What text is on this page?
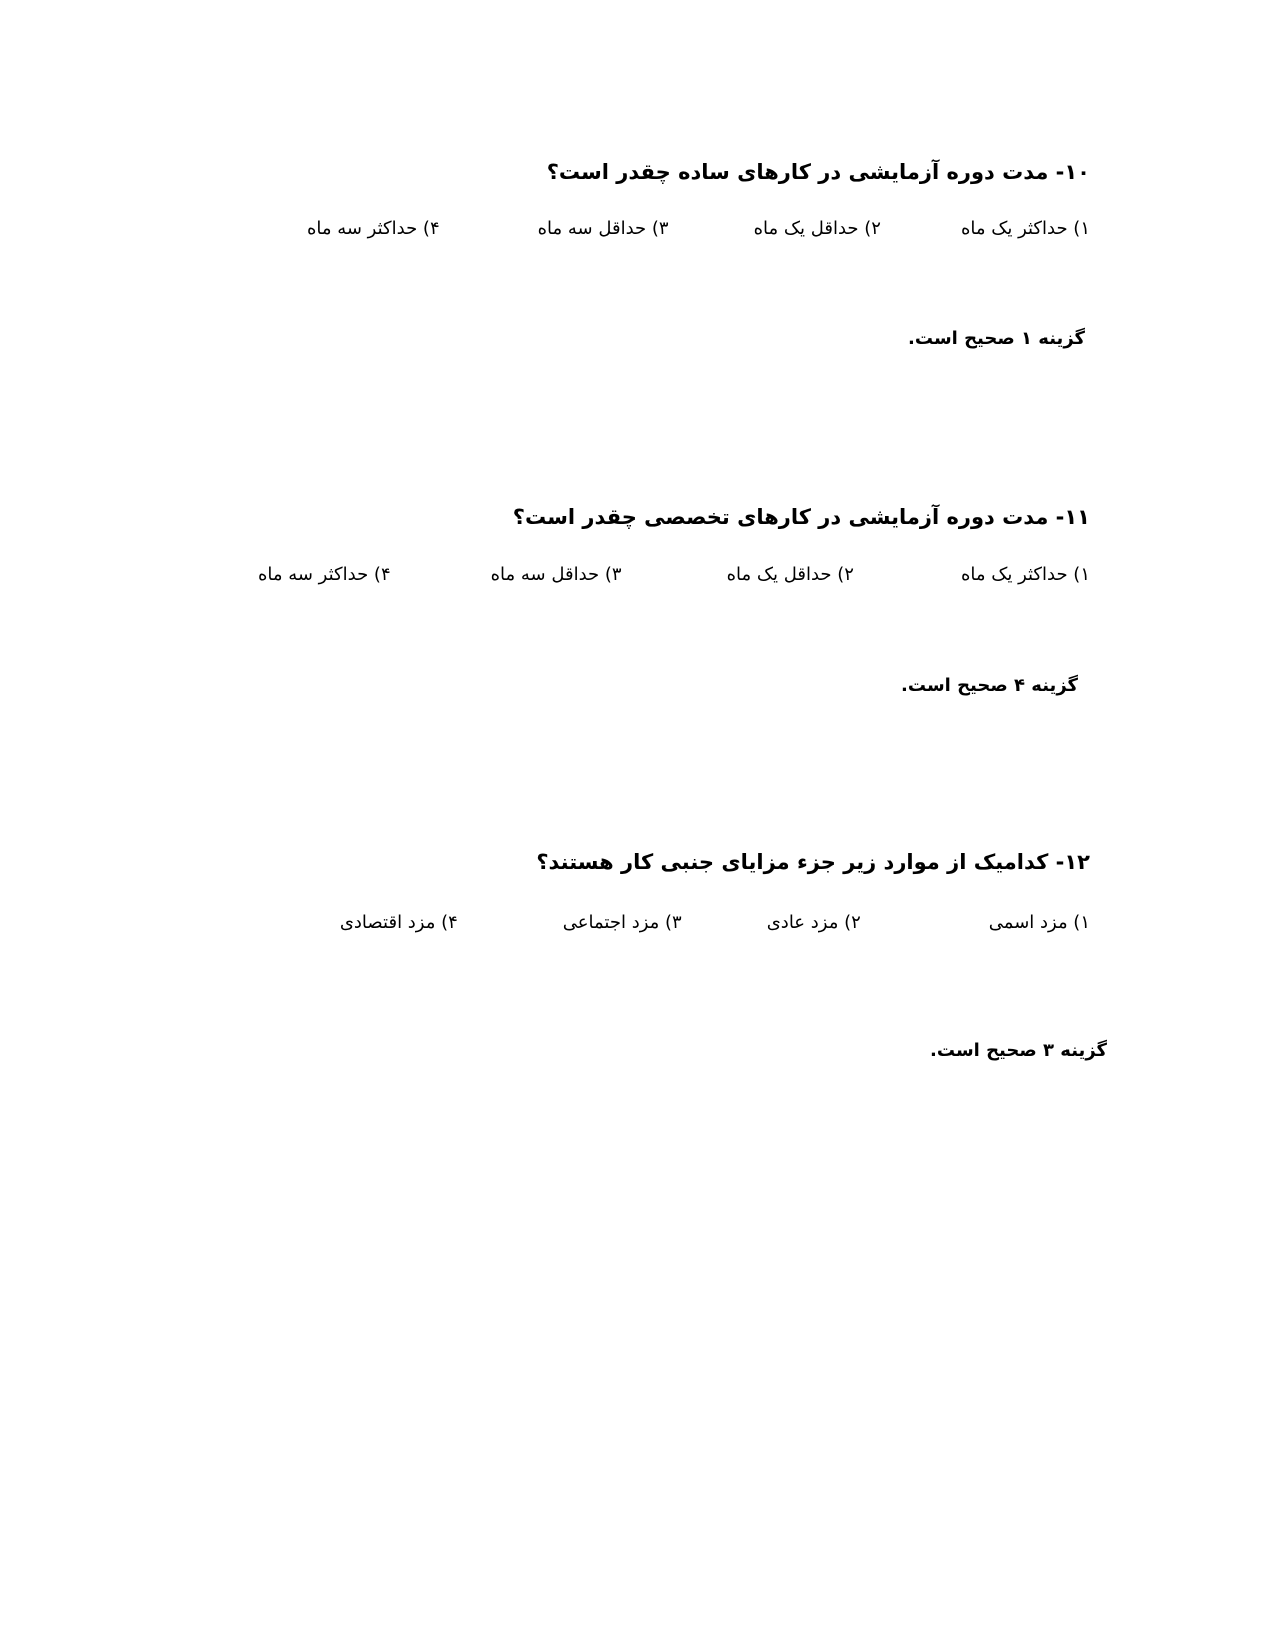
۱۰- مدت دوره آزمایشی در کارهای ساده چقدر است؟
۱) حداکثر یک ماه
۲) حداقل یک ماه
۳) حداقل سه ماه
۴) حداکثر سه ماه
گزینه ۱ صحیح است.
۱۱- مدت دوره آزمایشی در کارهای تخصصی چقدر است؟
۱) حداکثر یک ماه
۲) حداقل یک ماه
۳) حداقل سه ماه
۴) حداکثر سه ماه
گزینه ۴ صحیح است.
۱۲- کدامیک از موارد زیر جزء مزایای جنبی کار هستند؟
۱) مزد اسمی
۲) مزد عادی
۳) مزد اجتماعی
۴) مزد اقتصادی
گزینه ۳ صحیح است.
